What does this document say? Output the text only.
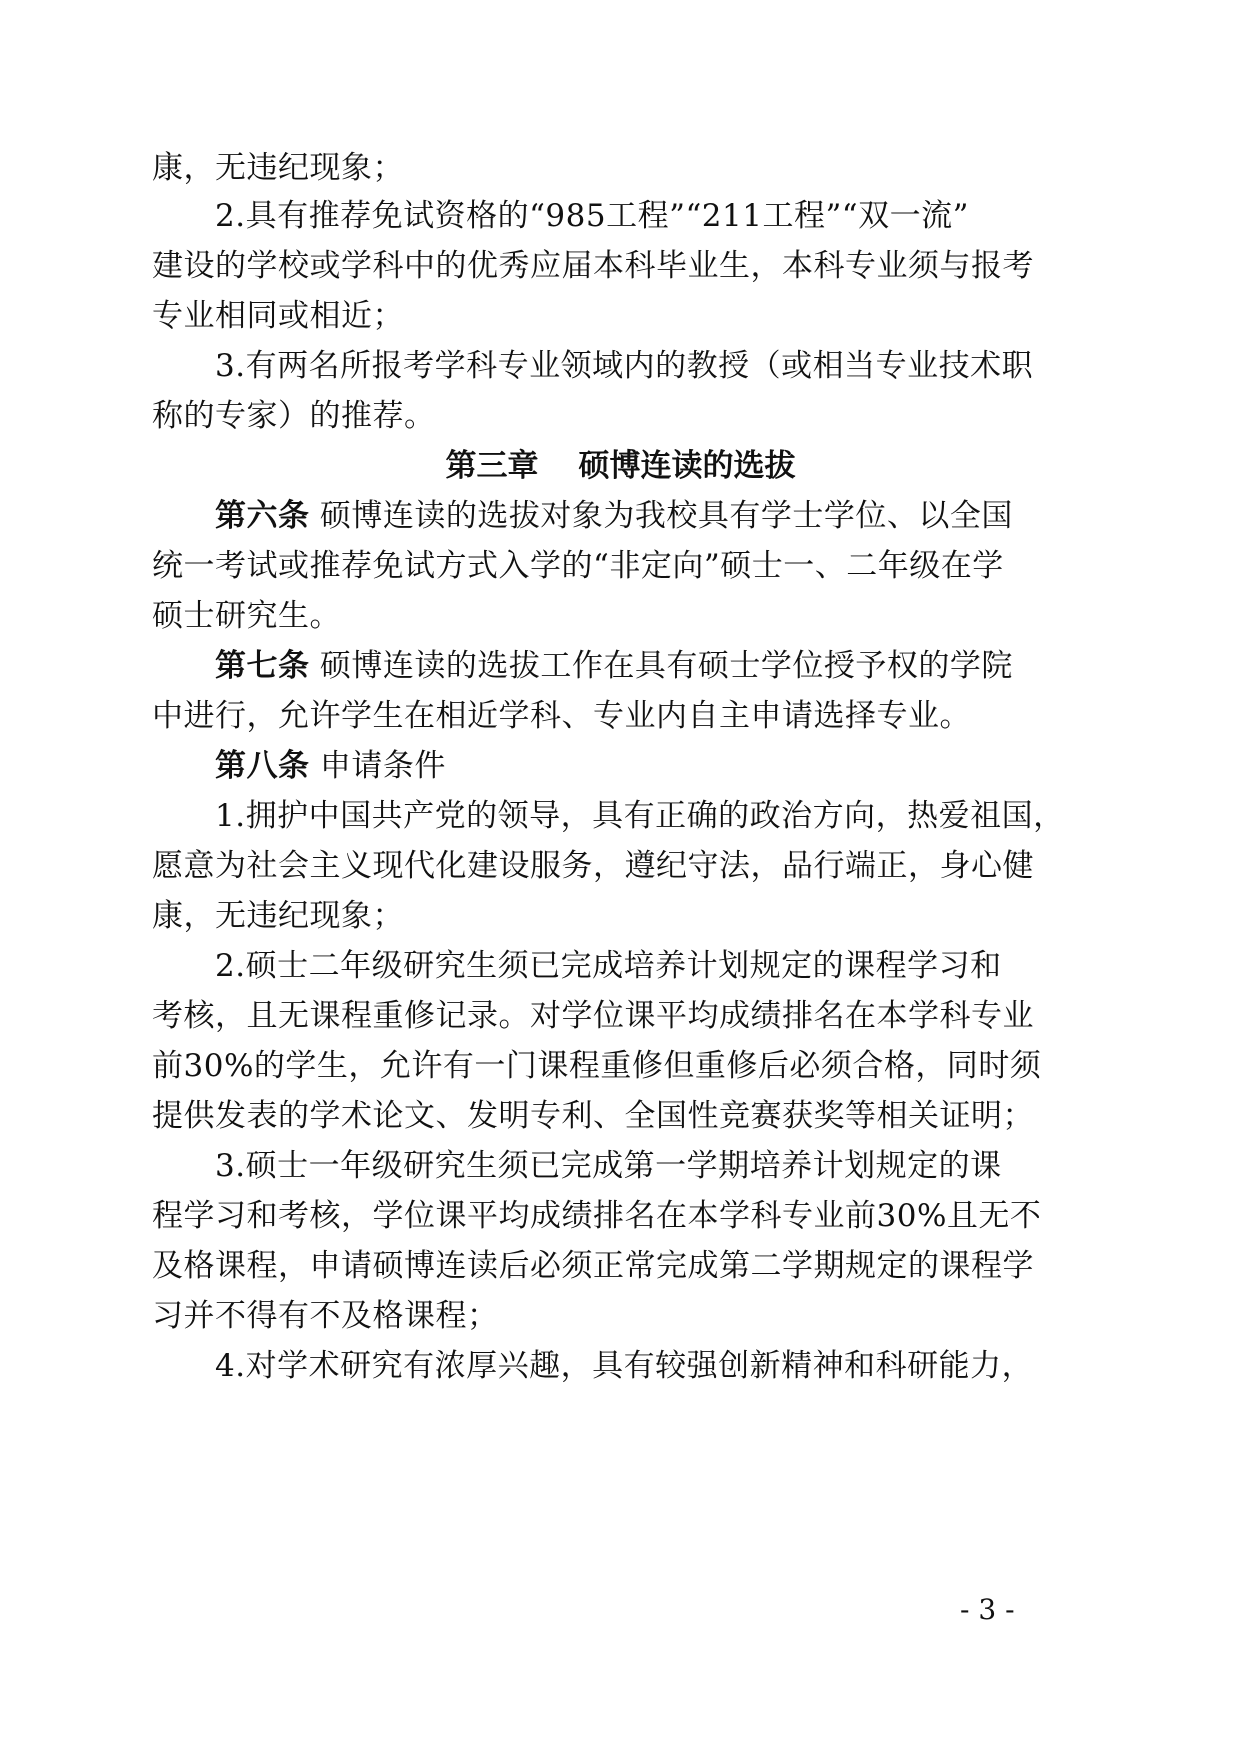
康，无违纪现象；
2.具有推荐免试资格的“985工程”“211工程”“双一流”
建设的学校或学科中的优秀应届本科毕业生，本科专业须与报考
专业相同或相近；
3.有两名所报考学科专业领域内的教授（或相当专业技术职
称的专家）的推荐。
第三章 硕博连读的选拔
第六条 硕博连读的选拔对象为我校具有学士学位、以全国
统一考试或推荐免试方式入学的“非定向”硕士一、二年级在学
硕士研究生。
第七条 硕博连读的选拔工作在具有硕士学位授予权的学院
中进行，允许学生在相近学科、专业内自主申请选择专业。
第八条 申请条件
1.拥护中国共产党的领导，具有正确的政治方向，热爱祖国，
愿意为社会主义现代化建设服务，遵纪守法，品行端正，身心健
康，无违纪现象；
2.硕士二年级研究生须已完成培养计划规定的课程学习和
考核，且无课程重修记录。对学位课平均成绩排名在本学科专业
前30%的学生，允许有一门课程重修但重修后必须合格，同时须
提供发表的学术论文、发明专利、全国性竞赛获奖等相关证明；
3.硕士一年级研究生须已完成第一学期培养计划规定的课
程学习和考核，学位课平均成绩排名在本学科专业前30%且无不
及格课程，申请硕博连读后必须正常完成第二学期规定的课程学
习并不得有不及格课程；
4.对学术研究有浓厚兴趣，具有较强创新精神和科研能力，
- 3 -
